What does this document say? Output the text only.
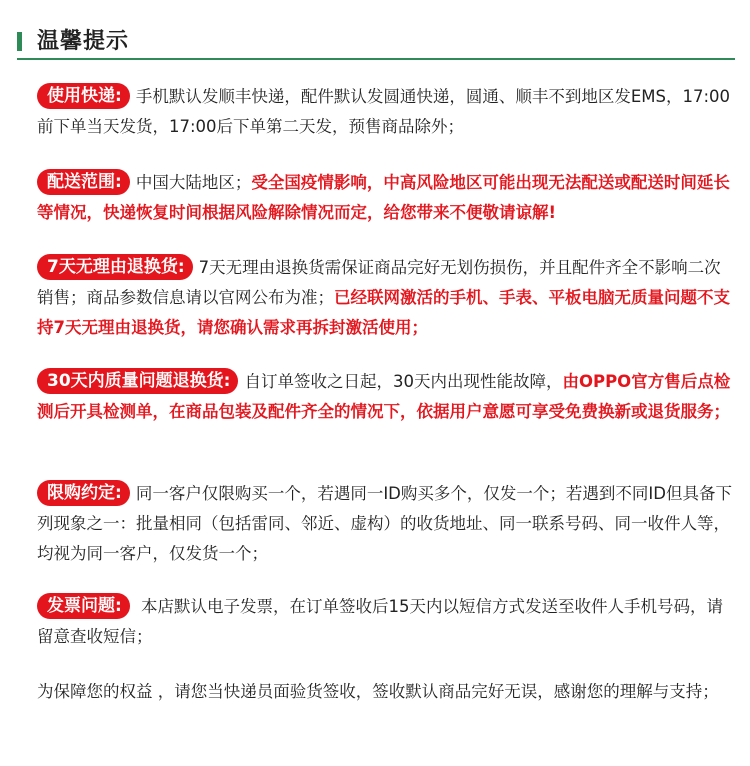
温馨提示
使用快递: 手机默认发顺丰快递，配件默认发圆通快递，圆通、顺丰不到地区发EMS，17:00前下单当天发货，17:00后下单第二天发，预售商品除外；
配送范围: 中国大陆地区；受全国疫情影响，中高风险地区可能出现无法配送或配送时间延长等情况，快递恢复时间根据风险解除情况而定，给您带来不便敬请谅解!
7天无理由退换货: 7天无理由退换货需保证商品完好无划伤损伤，并且配件齐全不影响二次销售；商品参数信息请以官网公布为准；已经联网激活的手机、手表、平板电脑无质量问题不支持7天无理由退换货，请您确认需求再拆封激活使用；
30天内质量问题退换货: 自订单签收之日起，30天内出现性能故障，由OPPO官方售后点检测后开具检测单，在商品包装及配件齐全的情况下，依据用户意愿可享受免费换新或退货服务；
限购约定: 同一客户仅限购买一个，若遇同一ID购买多个，仅发一个；若遇到不同ID但具备下列现象之一：批量相同（包括雷同、邻近、虚构）的收货地址、同一联系号码、同一收件人等，均视为同一客户，仅发货一个；
发票问题: 本店默认电子发票，在订单签收后15天内以短信方式发送至收件人手机号码，请留意查收短信；
为保障您的权益 ，请您当快递员面验货签收，签收默认商品完好无误，感谢您的理解与支持；
